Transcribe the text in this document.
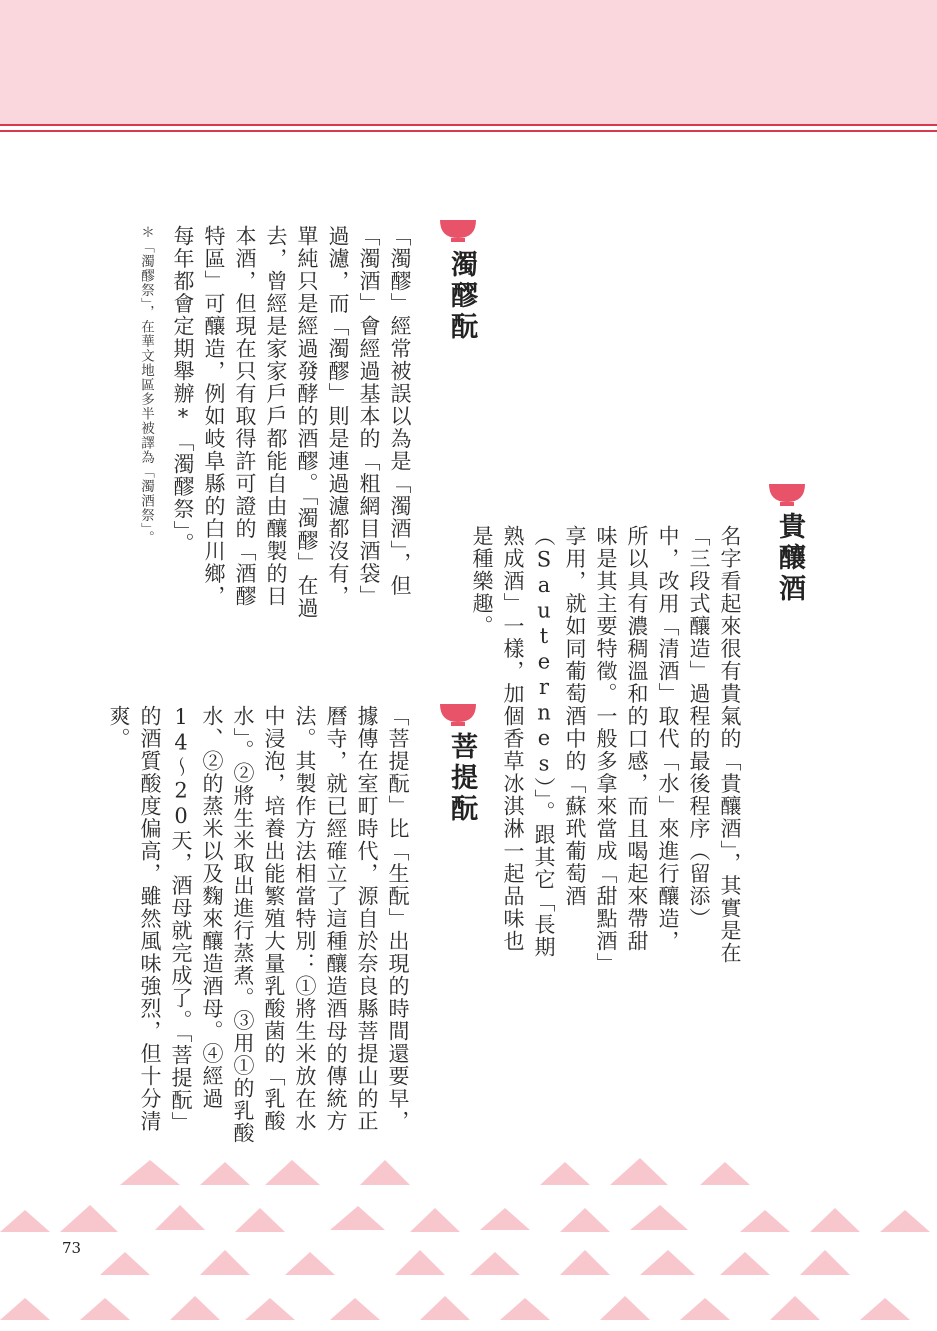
貴釀酒

名字看起來很有貴氣的「貴釀酒」，其實是在「三段式釀造」過程的最後程序（留添）中，改用「清酒」取代「水」來進行釀造，所以具有濃稠溫和的口感，而且喝起來帶甜味是其主要特徵。一般多拿來當成「甜點酒」享用，就如同葡萄酒中的「蘇玳葡萄酒（Sauternes）」。跟其它「長期熟成酒」一樣，加個香草冰淇淋一起品味也是種樂趣。

菩提酛

「菩提酛」比「生酛」出現的時間還要早，據傳在室町時代，源自於奈良縣菩提山的正曆寺，就已經確立了這種釀造酒母的傳統方法。其製作方法相當特別：①將生米放在水中浸泡，培養出能繁殖大量乳酸菌的「乳酸水」。②將生米取出進行蒸煮。③用①的乳酸水、②的蒸米以及麴來釀造酒母。④經過14～20天，酒母就完成了。「菩提酛」的酒質酸度偏高，雖然風味強烈，但十分清爽。

濁醪酛

「濁醪」經常被誤以為是「濁酒」，但「濁酒」會經過基本的「粗網目酒袋」過濾，而「濁醪」則是連過濾都沒有，單純只是經過發酵的酒醪。「濁醪」在過去，曾經是家家戶戶都能自由釀製的日本酒，但現在只有取得許可證的「酒醪特區」可釀造，例如岐阜縣的白川鄉，每年都會定期舉辦*「濁醪祭」。

＊「濁醪祭」，在華文地區多半被譯為「濁酒祭」。
73
